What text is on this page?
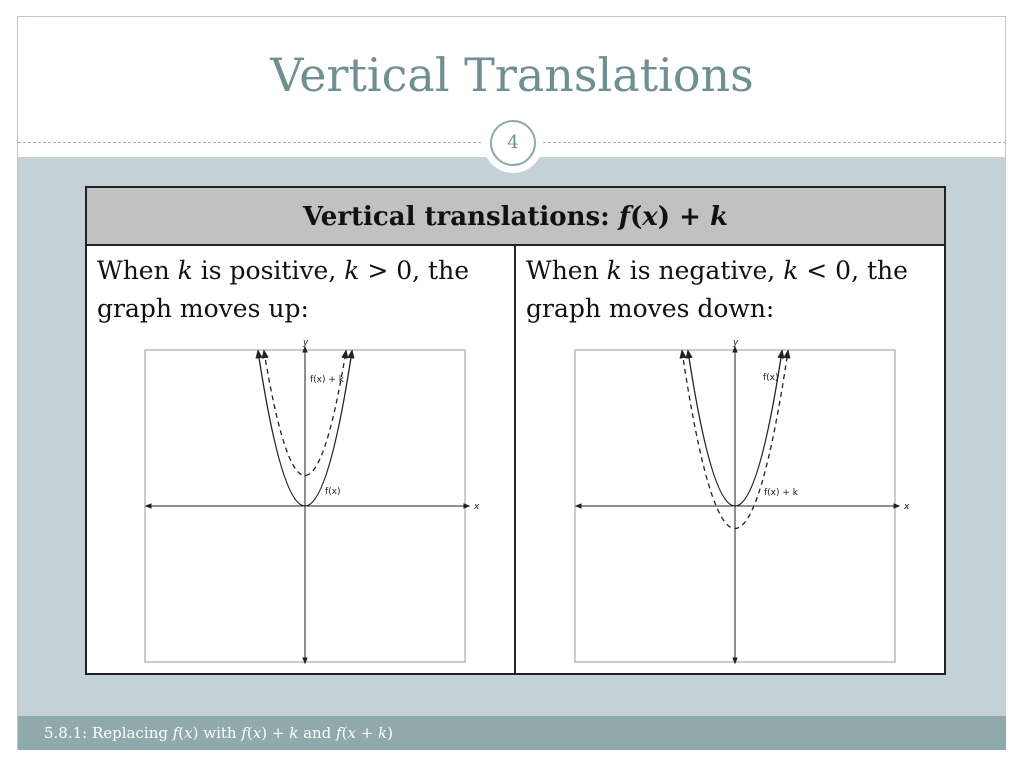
Vertical Translations
4
Vertical translations: f(x) + k
When k is positive, k > 0, the graph moves up:
y
x
f(x) + k
f(x)
When k is negative, k < 0, the graph moves down:
y
x
f(x)
f(x) + k
5.8.1: Replacing f(x) with f(x) + k and f(x + k)
